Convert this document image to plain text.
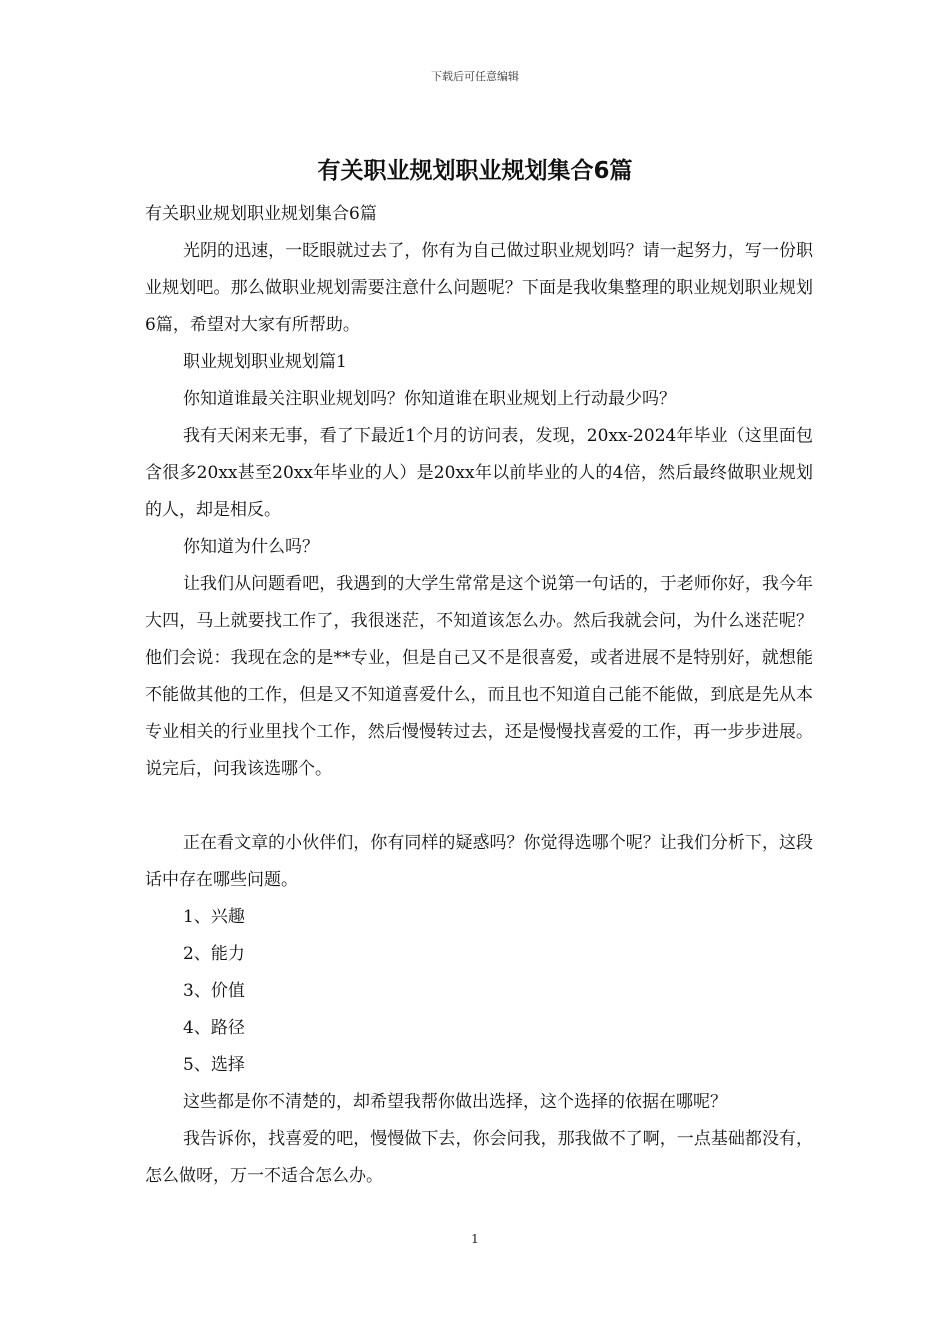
下载后可任意编辑
有关职业规划职业规划集合6篇

有关职业规划职业规划集合6篇

光阴的迅速，一眨眼就过去了，你有为自己做过职业规划吗？请一起努力，写一份职业规划吧。那么做职业规划需要注意什么问题呢？下面是我收集整理的职业规划职业规划6篇，希望对大家有所帮助。

职业规划职业规划篇1

你知道谁最关注职业规划吗？你知道谁在职业规划上行动最少吗？

我有天闲来无事，看了下最近1个月的访问表，发现，20xx-2024年毕业（这里面包含很多20xx甚至20xx年毕业的人）是20xx年以前毕业的人的4倍，然后最终做职业规划的人，却是相反。

你知道为什么吗？

让我们从问题看吧，我遇到的大学生常常是这个说第一句话的，于老师你好，我今年大四，马上就要找工作了，我很迷茫，不知道该怎么办。然后我就会问，为什么迷茫呢？他们会说：我现在念的是**专业，但是自己又不是很喜爱，或者进展不是特别好，就想能不能做其他的工作，但是又不知道喜爱什么，而且也不知道自己能不能做，到底是先从本专业相关的行业里找个工作，然后慢慢转过去，还是慢慢找喜爱的工作，再一步步进展。说完后，问我该选哪个。

正在看文章的小伙伴们，你有同样的疑惑吗？你觉得选哪个呢？让我们分析下，这段话中存在哪些问题。

1、兴趣

2、能力

3、价值

4、路径

5、选择

这些都是你不清楚的，却希望我帮你做出选择，这个选择的依据在哪呢？

我告诉你，找喜爱的吧，慢慢做下去，你会问我，那我做不了啊，一点基础都没有，怎么做呀，万一不适合怎么办。

1
